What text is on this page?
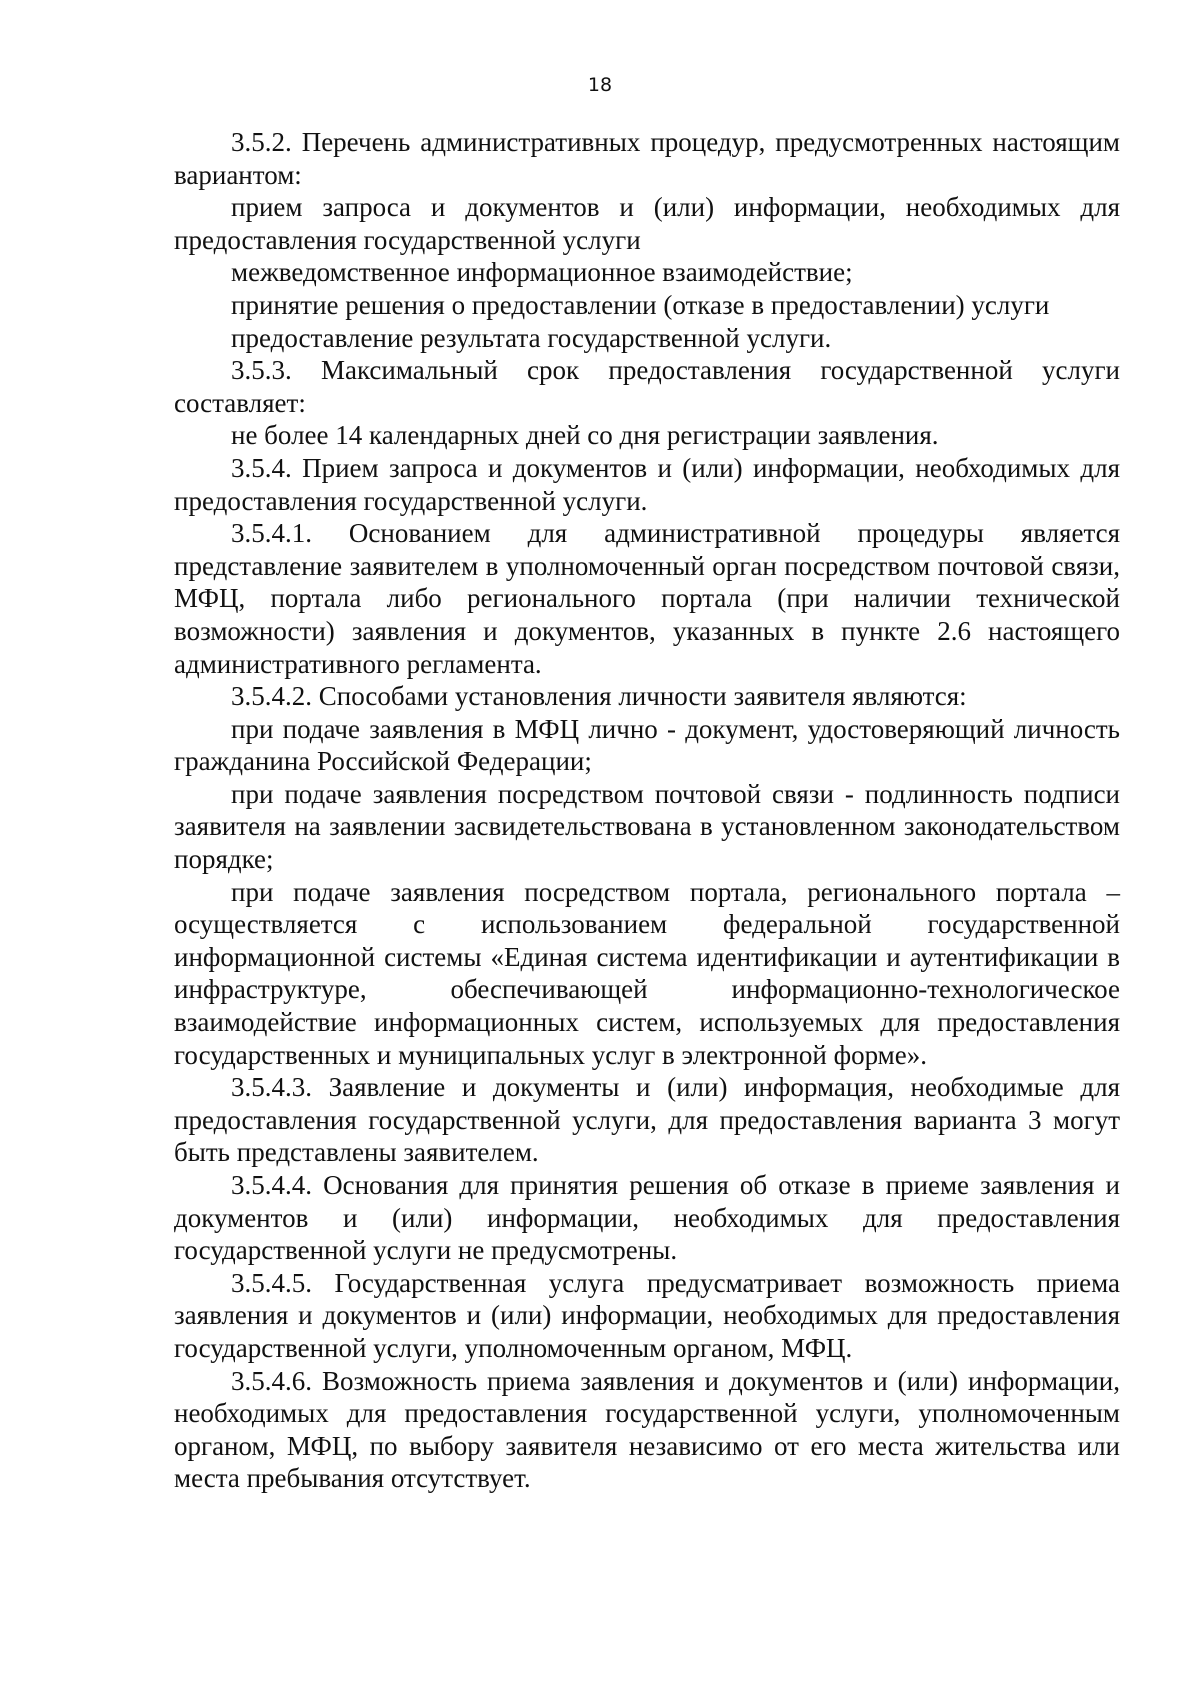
18

3.5.2. Перечень административных процедур, предусмотренных настоящим вариантом:

прием запроса и документов и (или) информации, необходимых для предоставления государственной услуги

межведомственное информационное взаимодействие;

принятие решения о предоставлении (отказе в предоставлении) услуги

предоставление результата государственной услуги.

3.5.3. Максимальный срок предоставления государственной услуги составляет:

не более 14 календарных дней со дня регистрации заявления.

3.5.4. Прием запроса и документов и (или) информации, необходимых для предоставления государственной услуги.

3.5.4.1. Основанием для административной процедуры является представление заявителем в уполномоченный орган посредством почтовой связи, МФЦ, портала либо регионального портала (при наличии технической возможности) заявления и документов, указанных в пункте 2.6 настоящего административного регламента.

3.5.4.2. Способами установления личности заявителя являются:

при подаче заявления в МФЦ лично - документ, удостоверяющий личность гражданина Российской Федерации;

при подаче заявления посредством почтовой связи - подлинность подписи заявителя на заявлении засвидетельствована в установленном законодательством порядке;

при подаче заявления посредством портала, регионального портала – осуществляется с использованием федеральной государственной информационной системы «Единая система идентификации и аутентификации в инфраструктуре, обеспечивающей информационно-технологическое взаимодействие информационных систем, используемых для предоставления государственных и муниципальных услуг в электронной форме».

3.5.4.3. Заявление и документы и (или) информация, необходимые для предоставления государственной услуги, для предоставления варианта 3 могут быть представлены заявителем.

3.5.4.4. Основания для принятия решения об отказе в приеме заявления и документов и (или) информации, необходимых для предоставления государственной услуги не предусмотрены.

3.5.4.5. Государственная услуга предусматривает возможность приема заявления и документов и (или) информации, необходимых для предоставления государственной услуги, уполномоченным органом, МФЦ.

3.5.4.6. Возможность приема заявления и документов и (или) информации, необходимых для предоставления государственной услуги, уполномоченным органом, МФЦ, по выбору заявителя независимо от его места жительства или места пребывания отсутствует.
